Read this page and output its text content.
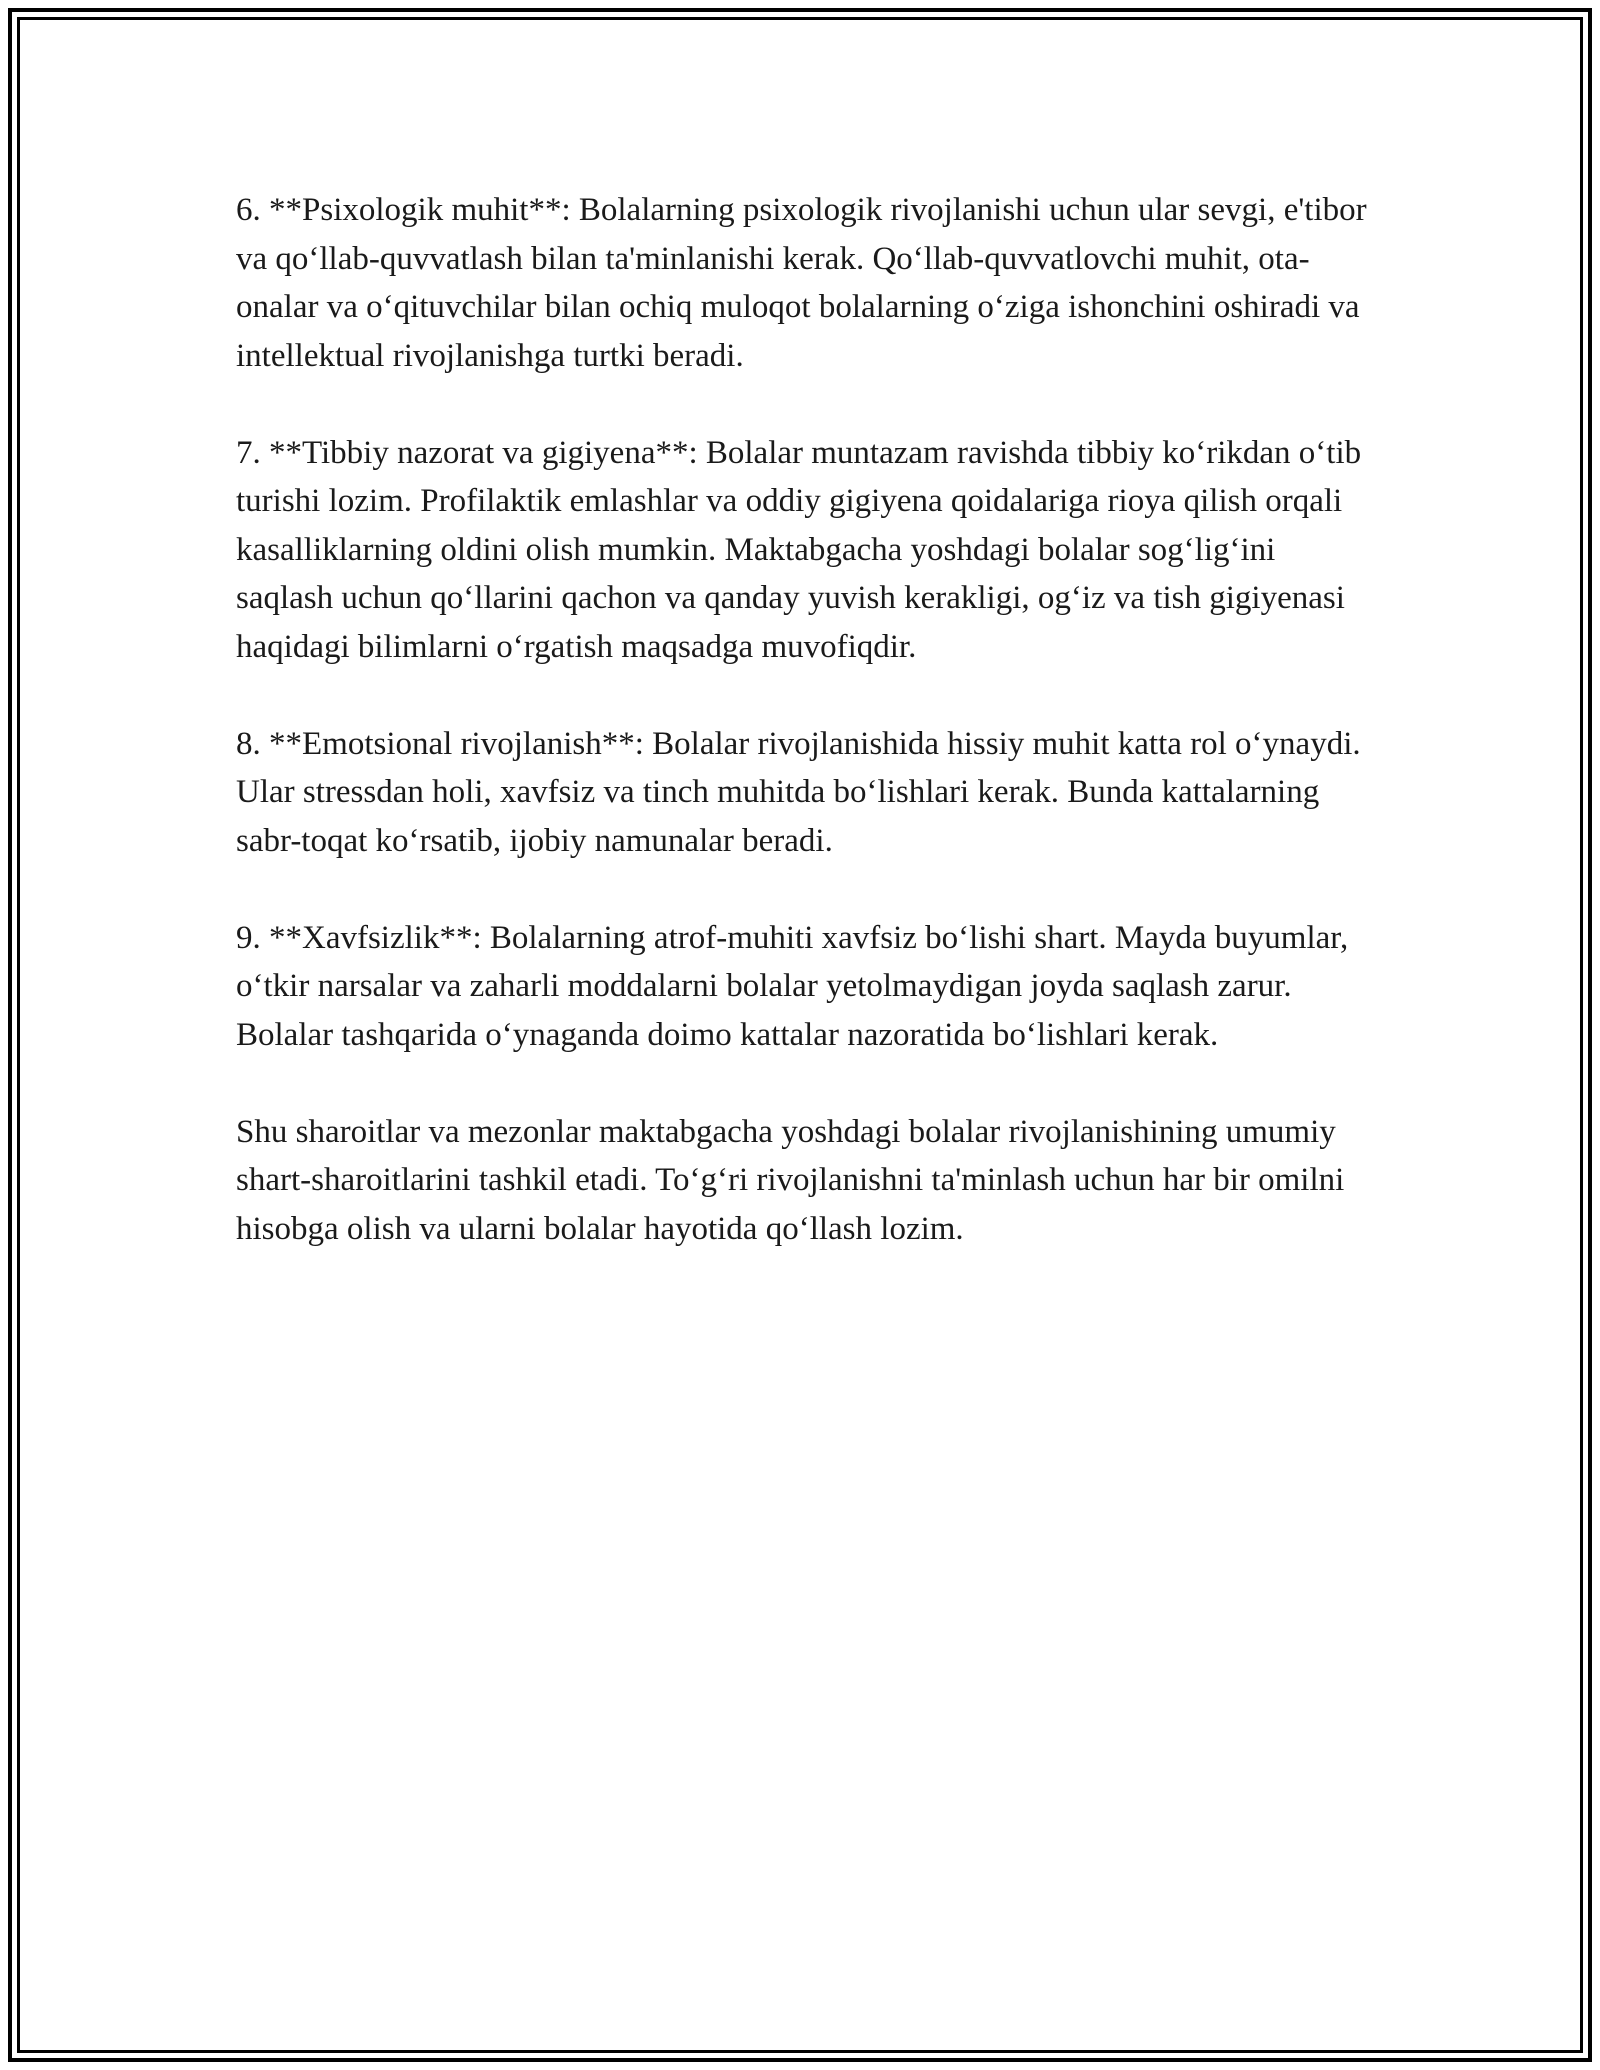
6. **Psixologik muhit**: Bolalarning psixologik rivojlanishi uchun ular sevgi, e'tibor va qo‘llab-quvvatlash bilan ta'minlanishi kerak. Qo‘llab-quvvatlovchi muhit, ota-onalar va o‘qituvchilar bilan ochiq muloqot bolalarning o‘ziga ishonchini oshiradi va intellektual rivojlanishga turtki beradi.

7. **Tibbiy nazorat va gigiyena**: Bolalar muntazam ravishda tibbiy ko‘rikdan o‘tib turishi lozim. Profilaktik emlashlar va oddiy gigiyena qoidalariga rioya qilish orqali kasalliklarning oldini olish mumkin. Maktabgacha yoshdagi bolalar sog‘lig‘ini saqlash uchun qo‘llarini qachon va qanday yuvish kerakligi, og‘iz va tish gigiyenasi haqidagi bilimlarni o‘rgatish maqsadga muvofiqdir.

8. **Emotsional rivojlanish**: Bolalar rivojlanishida hissiy muhit katta rol o‘ynaydi. Ular stressdan holi, xavfsiz va tinch muhitda bo‘lishlari kerak. Bunda kattalarning sabr-toqat ko‘rsatib, ijobiy namunalar beradi.

9. **Xavfsizlik**: Bolalarning atrof-muhiti xavfsiz bo‘lishi shart. Mayda buyumlar, o‘tkir narsalar va zaharli moddalarni bolalar yetolmaydigan joyda saqlash zarur. Bolalar tashqarida o‘ynaganda doimo kattalar nazoratida bo‘lishlari kerak.

Shu sharoitlar va mezonlar maktabgacha yoshdagi bolalar rivojlanishining umumiy shart-sharoitlarini tashkil etadi. To‘g‘ri rivojlanishni ta'minlash uchun har bir omilni hisobga olish va ularni bolalar hayotida qo‘llash lozim.
